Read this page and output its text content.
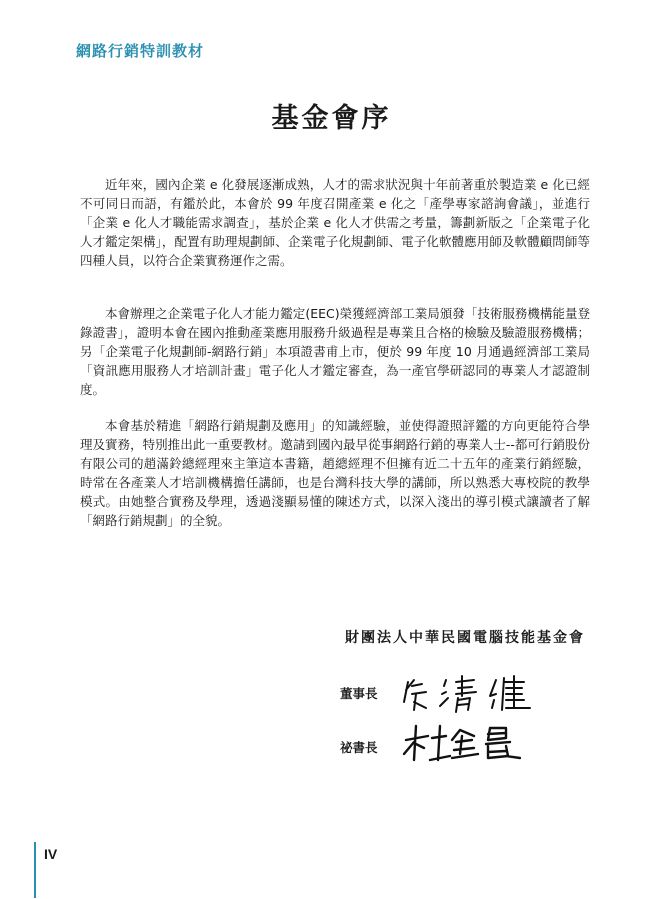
網路行銷特訓教材
基金會序

近年來，國內企業 e 化發展逐漸成熟，人才的需求狀況與十年前著重於製造業 e 化已經不可同日而語，有鑑於此，本會於 99 年度召開產業 e 化之「產學專家諮詢會議」，並進行「企業 e 化人才職能需求調查」，基於企業 e 化人才供需之考量，籌劃新版之「企業電子化人才鑑定架構」，配置有助理規劃師、企業電子化規劃師、電子化軟體應用師及軟體顧問師等四種人員，以符合企業實務運作之需。

本會辦理之企業電子化人才能力鑑定(EEC)榮獲經濟部工業局頒發「技術服務機構能量登錄證書」，證明本會在國內推動產業應用服務升級過程是專業且合格的檢驗及驗證服務機構；另「企業電子化規劃師-網路行銷」本項證書甫上市，便於 99 年度 10 月通過經濟部工業局「資訊應用服務人才培訓計畫」電子化人才鑑定審查，為一產官學研認同的專業人才認證制度。

本會基於精進「網路行銷規劃及應用」的知識經驗，並使得證照評鑑的方向更能符合學理及實務，特別推出此一重要教材。邀請到國內最早從事網路行銷的專業人士--都可行銷股份有限公司的趙滿鈴總經理來主筆這本書籍，趙總經理不但擁有近二十五年的產業行銷經驗，時常在各產業人才培訓機構擔任講師，也是台灣科技大學的講師，所以熟悉大專校院的教學模式。由她整合實務及學理，透過淺顯易懂的陳述方式，以深入淺出的導引模式讓讀者了解「網路行銷規劃」的全貌。

財團法人中華民國電腦技能基金會
董事長
祕書長
IV
